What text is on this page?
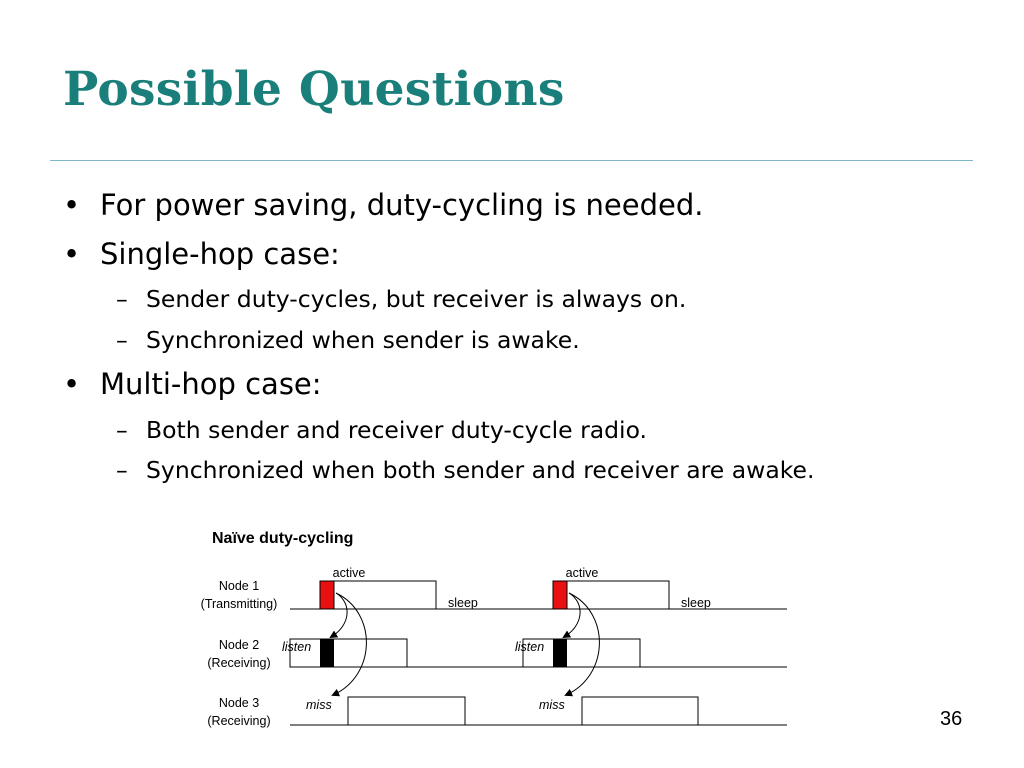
Possible Questions

• For power saving, duty-cycling is needed.

• Single-hop case:

– Sender duty-cycles, but receiver is always on.

– Synchronized when sender is awake.

• Multi-hop case:

– Both sender and receiver duty-cycle radio.

– Synchronized when both sender and receiver are awake.

Naïve duty-cycling
Node 1
(Transmitting)
Node 2
(Receiving)
Node 3
(Receiving)
active
sleep
active
sleep
listen	listen
miss	miss
36
